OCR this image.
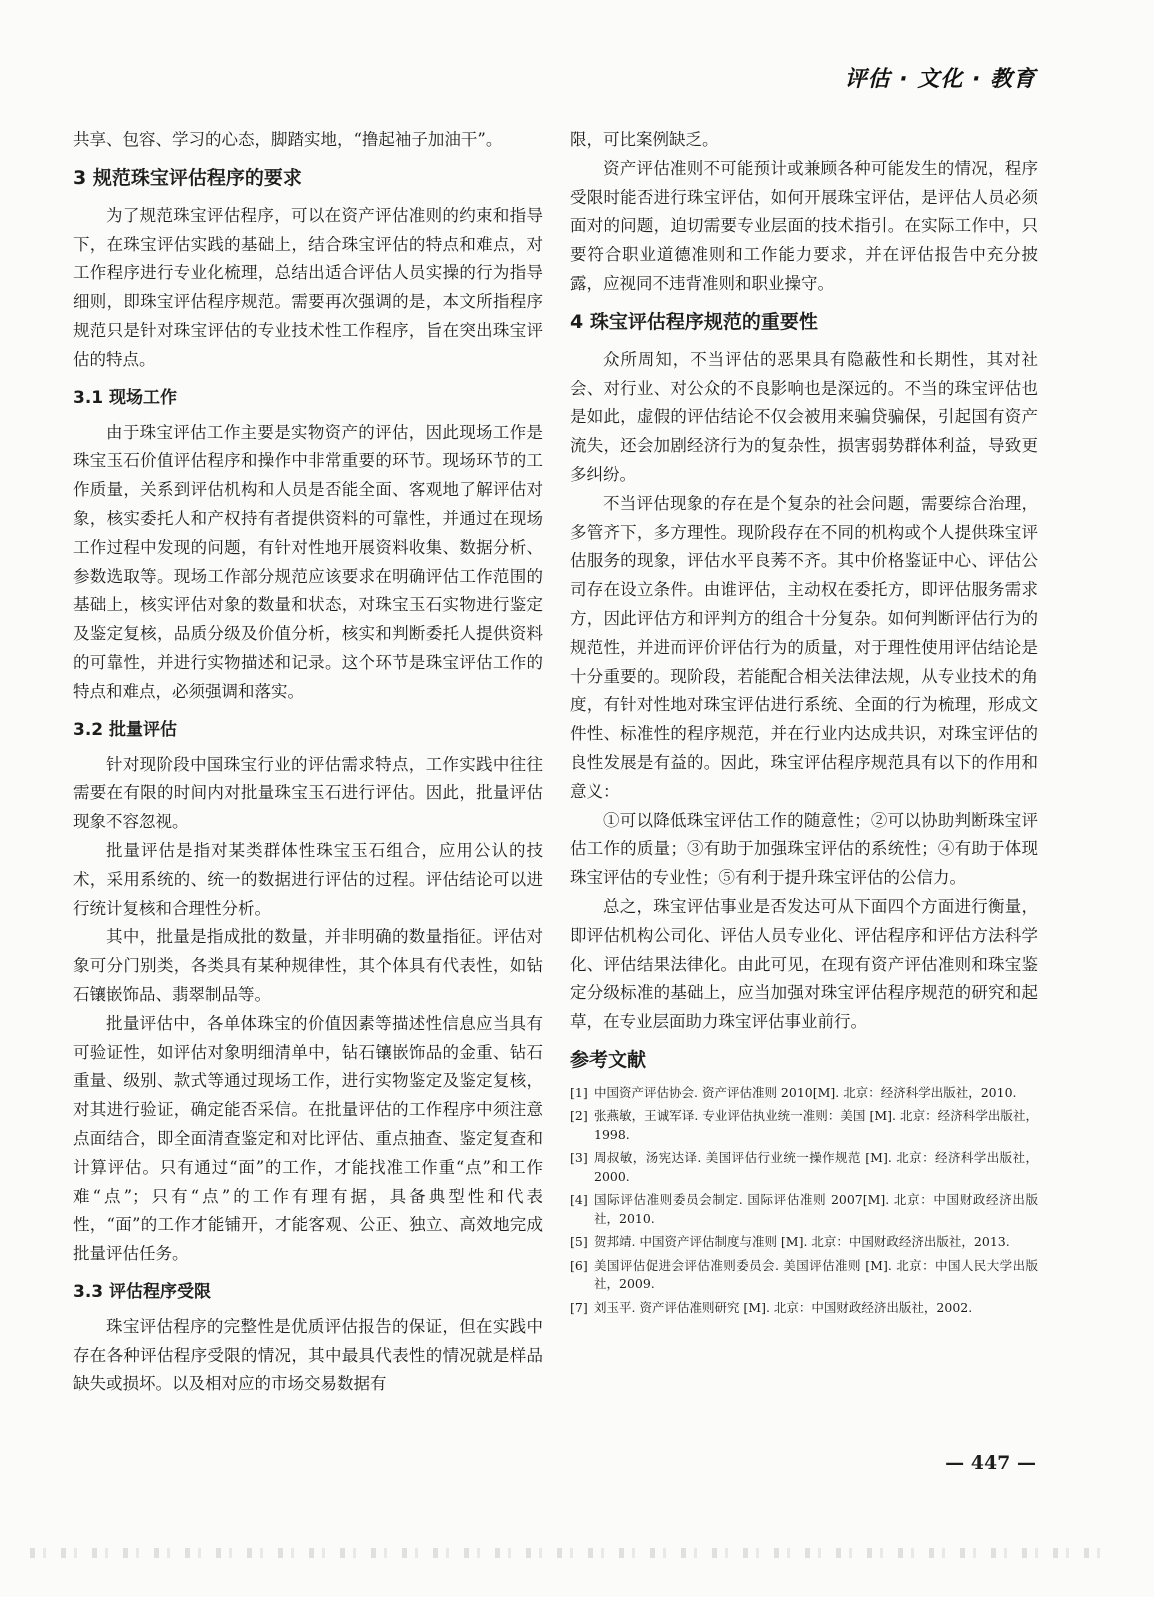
评估 · 文化 · 教育

共享、包容、学习的心态，脚踏实地，“撸起袖子加油干”。

3 规范珠宝评估程序的要求

为了规范珠宝评估程序，可以在资产评估准则的约束和指导下，在珠宝评估实践的基础上，结合珠宝评估的特点和难点，对工作程序进行专业化梳理，总结出适合评估人员实操的行为指导细则，即珠宝评估程序规范。需要再次强调的是，本文所指程序规范只是针对珠宝评估的专业技术性工作程序，旨在突出珠宝评估的特点。

3.1 现场工作

由于珠宝评估工作主要是实物资产的评估，因此现场工作是珠宝玉石价值评估程序和操作中非常重要的环节。现场环节的工作质量，关系到评估机构和人员是否能全面、客观地了解评估对象，核实委托人和产权持有者提供资料的可靠性，并通过在现场工作过程中发现的问题，有针对性地开展资料收集、数据分析、参数选取等。现场工作部分规范应该要求在明确评估工作范围的基础上，核实评估对象的数量和状态，对珠宝玉石实物进行鉴定及鉴定复核，品质分级及价值分析，核实和判断委托人提供资料的可靠性，并进行实物描述和记录。这个环节是珠宝评估工作的特点和难点，必须强调和落实。

3.2 批量评估

针对现阶段中国珠宝行业的评估需求特点，工作实践中往往需要在有限的时间内对批量珠宝玉石进行评估。因此，批量评估现象不容忽视。

批量评估是指对某类群体性珠宝玉石组合，应用公认的技术，采用系统的、统一的数据进行评估的过程。评估结论可以进行统计复核和合理性分析。

其中，批量是指成批的数量，并非明确的数量指征。评估对象可分门别类，各类具有某种规律性，其个体具有代表性，如钻石镶嵌饰品、翡翠制品等。

批量评估中，各单体珠宝的价值因素等描述性信息应当具有可验证性，如评估对象明细清单中，钻石镶嵌饰品的金重、钻石重量、级别、款式等通过现场工作，进行实物鉴定及鉴定复核，对其进行验证，确定能否采信。在批量评估的工作程序中须注意点面结合，即全面清查鉴定和对比评估、重点抽查、鉴定复查和计算评估。只有通过“面”的工作，才能找准工作重“点”和工作难“点”；只有“点”的工作有理有据，具备典型性和代表性，“面”的工作才能铺开，才能客观、公正、独立、高效地完成批量评估任务。

3.3 评估程序受限

珠宝评估程序的完整性是优质评估报告的保证，但在实践中存在各种评估程序受限的情况，其中最具代表性的情况就是样品缺失或损坏。以及相对应的市场交易数据有

限，可比案例缺乏。

资产评估准则不可能预计或兼顾各种可能发生的情况，程序受限时能否进行珠宝评估，如何开展珠宝评估，是评估人员必须面对的问题，迫切需要专业层面的技术指引。在实际工作中，只要符合职业道德准则和工作能力要求，并在评估报告中充分披露，应视同不违背准则和职业操守。

4 珠宝评估程序规范的重要性

众所周知，不当评估的恶果具有隐蔽性和长期性，其对社会、对行业、对公众的不良影响也是深远的。不当的珠宝评估也是如此，虚假的评估结论不仅会被用来骗贷骗保，引起国有资产流失，还会加剧经济行为的复杂性，损害弱势群体利益，导致更多纠纷。

不当评估现象的存在是个复杂的社会问题，需要综合治理，多管齐下，多方理性。现阶段存在不同的机构或个人提供珠宝评估服务的现象，评估水平良莠不齐。其中价格鉴证中心、评估公司存在设立条件。由谁评估，主动权在委托方，即评估服务需求方，因此评估方和评判方的组合十分复杂。如何判断评估行为的规范性，并进而评价评估行为的质量，对于理性使用评估结论是十分重要的。现阶段，若能配合相关法律法规，从专业技术的角度，有针对性地对珠宝评估进行系统、全面的行为梳理，形成文件性、标准性的程序规范，并在行业内达成共识，对珠宝评估的良性发展是有益的。因此，珠宝评估程序规范具有以下的作用和意义：

①可以降低珠宝评估工作的随意性；②可以协助判断珠宝评估工作的质量；③有助于加强珠宝评估的系统性；④有助于体现珠宝评估的专业性；⑤有利于提升珠宝评估的公信力。

总之，珠宝评估事业是否发达可从下面四个方面进行衡量，即评估机构公司化、评估人员专业化、评估程序和评估方法科学化、评估结果法律化。由此可见，在现有资产评估准则和珠宝鉴定分级标准的基础上，应当加强对珠宝评估程序规范的研究和起草，在专业层面助力珠宝评估事业前行。

参考文献
[1] 中国资产评估协会. 资产评估准则 2010[M]. 北京：经济科学出版社，2010.
[2] 张燕敏，王诚军译. 专业评估执业统一准则：美国 [M]. 北京：经济科学出版社，1998.
[3] 周叔敏，汤宪达译. 美国评估行业统一操作规范 [M]. 北京：经济科学出版社，2000.
[4] 国际评估准则委员会制定. 国际评估准则 2007[M]. 北京：中国财政经济出版社，2010.
[5] 贺邦靖. 中国资产评估制度与准则 [M]. 北京：中国财政经济出版社，2013.
[6] 美国评估促进会评估准则委员会. 美国评估准则 [M]. 北京：中国人民大学出版社，2009.
[7] 刘玉平. 资产评估准则研究 [M]. 北京：中国财政经济出版社，2002.
— 447 —
